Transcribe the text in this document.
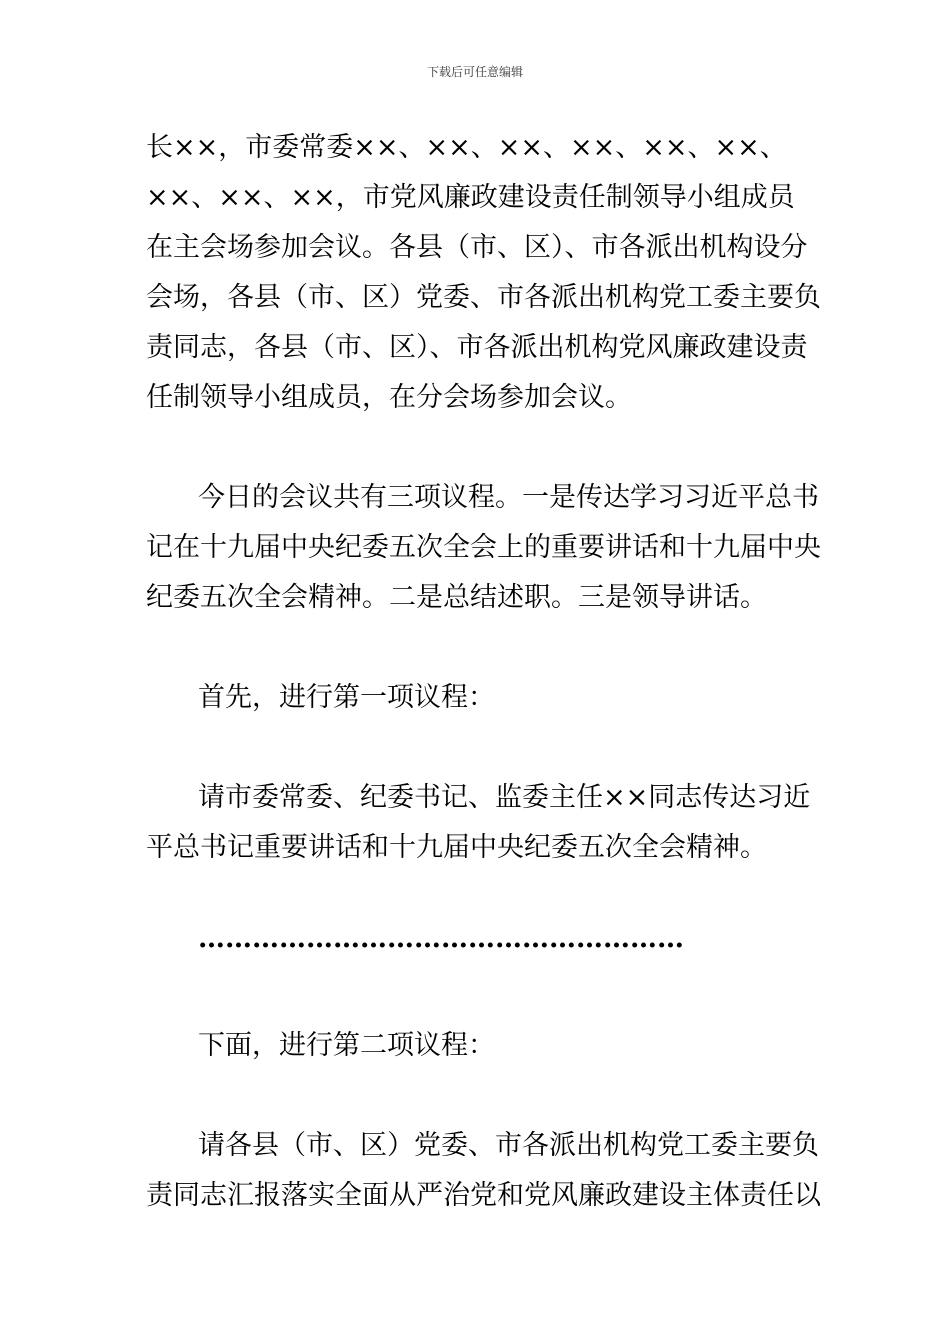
下载后可任意编辑
长××，市委常委××、××、××、××、××、××、
××、××、××，市党风廉政建设责任制领导小组成员
在主会场参加会议。各县（市、区）、市各派出机构设分
会场，各县（市、区）党委、市各派出机构党工委主要负
责同志，各县（市、区）、市各派出机构党风廉政建设责
任制领导小组成员，在分会场参加会议。
今日的会议共有三项议程。一是传达学习习近平总书
记在十九届中央纪委五次全会上的重要讲话和十九届中央
纪委五次全会精神。二是总结述职。三是领导讲话。
首先，进行第一项议程：
请市委常委、纪委书记、监委主任××同志传达习近
平总书记重要讲话和十九届中央纪委五次全会精神。
………………………………………………
下面，进行第二项议程：
请各县（市、区）党委、市各派出机构党工委主要负
责同志汇报落实全面从严治党和党风廉政建设主体责任以
